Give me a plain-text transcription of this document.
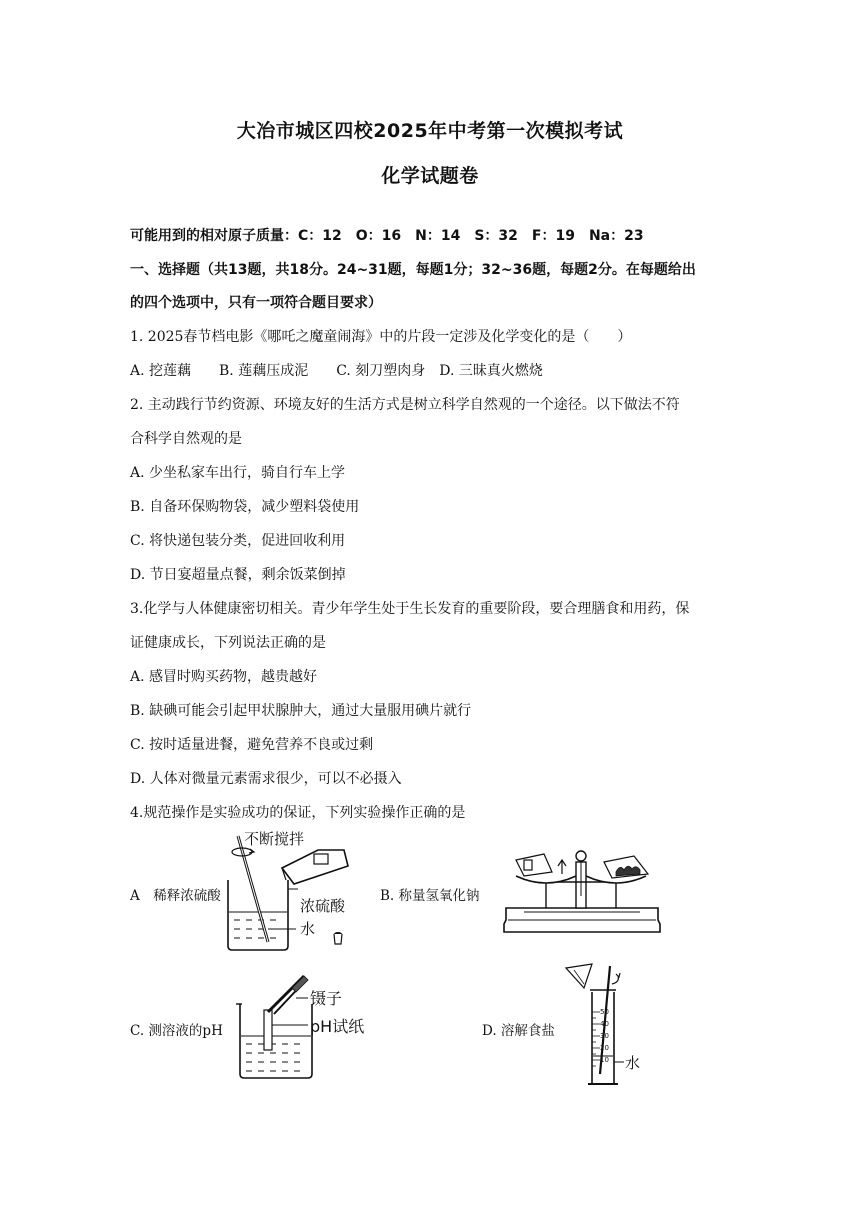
大冶市城区四校2025年中考第一次模拟考试
化学试题卷
可能用到的相对原子质量：C：12　O：16　N：14　S：32　F：19　Na：23
一、选择题（共13题，共18分。24~31题，每题1分；32~36题，每题2分。在每题给出
的四个选项中，只有一项符合题目要求）
1. 2025春节档电影《哪吒之魔童闹海》中的片段一定涉及化学变化的是（　　）
A. 挖莲藕　　B. 莲藕压成泥　　C. 刻刀塑肉身　D. 三昧真火燃烧
2. 主动践行节约资源、环境友好的生活方式是树立科学自然观的一个途径。以下做法不符
合科学自然观的是
A. 少坐私家车出行，骑自行车上学
B. 自备环保购物袋，减少塑料袋使用
C. 将快递包装分类，促进回收利用
D. 节日宴超量点餐，剩余饭菜倒掉
3.化学与人体健康密切相关。青少年学生处于生长发育的重要阶段，要合理膳食和用药，保
证健康成长，下列说法正确的是
A. 感冒时购买药物，越贵越好
B. 缺碘可能会引起甲状腺肿大，通过大量服用碘片就行
C. 按时适量进餐，避免营养不良或过剩
D. 人体对微量元素需求很少，可以不必摄入
4.规范操作是实验成功的保证，下列实验操作正确的是
A　稀释浓硫酸	B. 称量氢氧化钠
C. 测溶液的pH	D. 溶解食盐
不断搅拌
浓硫酸
水
镊子
pH试纸
50
40
30
20
10 水
